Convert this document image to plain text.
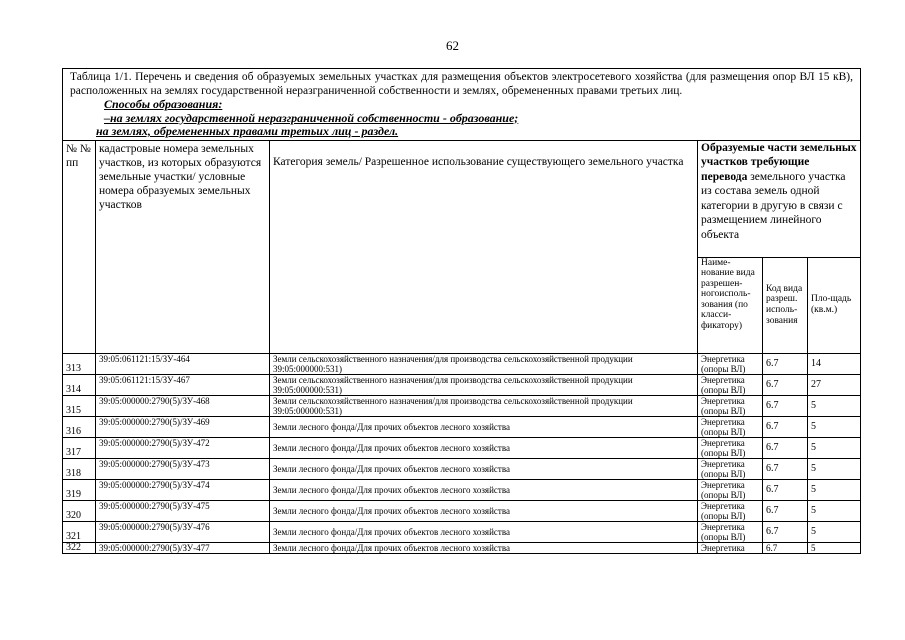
62
Таблица 1/1. Перечень и сведения об образуемых земельных участках для размещения объектов электросетевого хозяйства (для размещения опор ВЛ 15 кВ), расположенных на землях государственной неразграниченной собственности и землях, обремененных правами третьих лиц.
Способы образования:
–на землях государственной неразграниченной собственности - образование;
на землях, обремененных правами третьих лиц - раздел.					

№ № пп	кадастровые номера земельных участков, из которых образуются земельные участки/ условные номера образуемых земельных участков	Категория земель/ Разрешенное использование существующего земельного участка	Образуемые части земельных участков требующие перевода земельного участка из состава земель одной категории в другую в связи с размещением линейного объекта		
			Наиме-нование вида разрешен-ногоисполь-зования (по класси-фикатору)	Код вида разреш. исполь-зования	Пло-щадь (кв.м.)
313	39:05:061121:15/ЗУ-464	Земли сельскохозяйственного назначения/для производства сельскохозяйственной продукции 39:05:000000:531)	Энергетика (опоры ВЛ)	6.7	14
314	39:05:061121:15/ЗУ-467	Земли сельскохозяйственного назначения/для производства сельскохозяйственной продукции 39:05:000000:531)	Энергетика (опоры ВЛ)	6.7	27
315	39:05:000000:2790(5)/ЗУ-468	Земли сельскохозяйственного назначения/для производства сельскохозяйственной продукции 39:05:000000:531)	Энергетика (опоры ВЛ)	6.7	5
316	39:05:000000:2790(5)/ЗУ-469	Земли лесного фонда/Для прочих объектов лесного хозяйства	Энергетика (опоры ВЛ)	6.7	5
317	39:05:000000:2790(5)/ЗУ-472	Земли лесного фонда/Для прочих объектов лесного хозяйства	Энергетика (опоры ВЛ)	6.7	5
318	39:05:000000:2790(5)/ЗУ-473	Земли лесного фонда/Для прочих объектов лесного хозяйства	Энергетика (опоры ВЛ)	6.7	5
319	39:05:000000:2790(5)/ЗУ-474	Земли лесного фонда/Для прочих объектов лесного хозяйства	Энергетика (опоры ВЛ)	6.7	5
320	39:05:000000:2790(5)/ЗУ-475	Земли лесного фонда/Для прочих объектов лесного хозяйства	Энергетика (опоры ВЛ)	6.7	5
321	39:05:000000:2790(5)/ЗУ-476	Земли лесного фонда/Для прочих объектов лесного хозяйства	Энергетика (опоры ВЛ)	6.7	5
322	39:05:000000:2790(5)/ЗУ-477	Земли лесного фонда/Для прочих объектов лесного хозяйства	Энергетика	6.7	5
